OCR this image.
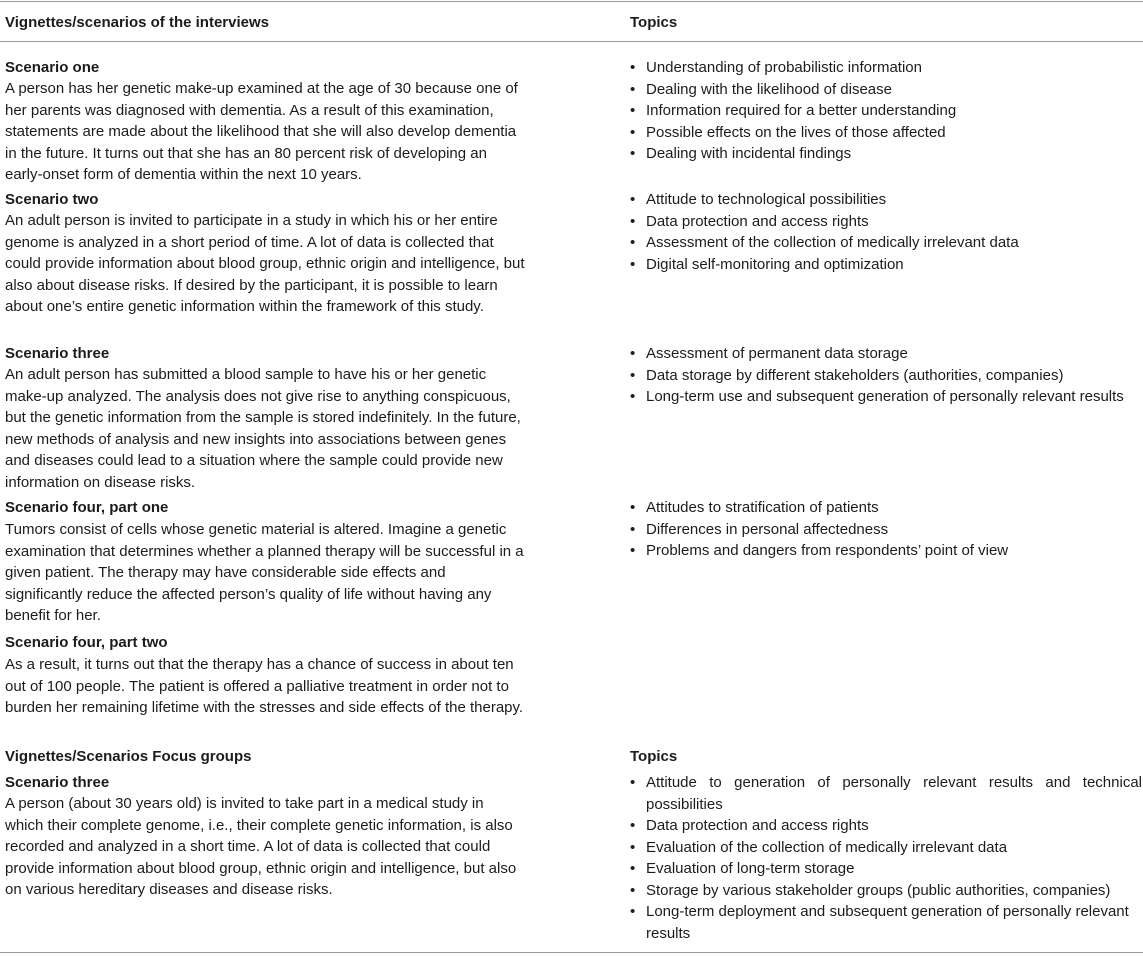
Vignettes/scenarios of the interviews	Topics
Scenario one
A person has her genetic make-up examined at the age of 30 because one of her parents was diagnosed with dementia. As a result of this examination, statements are made about the likelihood that she will also develop dementia in the future. It turns out that she has an 80 percent risk of developing an early-onset form of dementia within the next 10 years.
• Understanding of probabilistic information
• Dealing with the likelihood of disease
• Information required for a better understanding
• Possible effects on the lives of those affected
• Dealing with incidental findings
Scenario two
An adult person is invited to participate in a study in which his or her entire genome is analyzed in a short period of time. A lot of data is collected that could provide information about blood group, ethnic origin and intelligence, but also about disease risks. If desired by the participant, it is possible to learn about one’s entire genetic information within the framework of this study.
• Attitude to technological possibilities
• Data protection and access rights
• Assessment of the collection of medically irrelevant data
• Digital self-monitoring and optimization
Scenario three
An adult person has submitted a blood sample to have his or her genetic make-up analyzed. The analysis does not give rise to anything conspicuous, but the genetic information from the sample is stored indefinitely. In the future, new methods of analysis and new insights into associations between genes and diseases could lead to a situation where the sample could provide new information on disease risks.
• Assessment of permanent data storage
• Data storage by different stakeholders (authorities, companies)
• Long-term use and subsequent generation of personally relevant results
Scenario four, part one
Tumors consist of cells whose genetic material is altered. Imagine a genetic examination that determines whether a planned therapy will be successful in a given patient. The therapy may have considerable side effects and significantly reduce the affected person’s quality of life without having any benefit for her.
• Attitudes to stratification of patients
• Differences in personal affectedness
• Problems and dangers from respondents’ point of view
Scenario four, part two
As a result, it turns out that the therapy has a chance of success in about ten out of 100 people. The patient is offered a palliative treatment in order not to burden her remaining lifetime with the stresses and side effects of the therapy.
Vignettes/Scenarios Focus groups	Topics
Scenario three
A person (about 30 years old) is invited to take part in a medical study in which their complete genome, i.e., their complete genetic information, is also recorded and analyzed in a short time. A lot of data is collected that could provide information about blood group, ethnic origin and intelligence, but also on various hereditary diseases and disease risks.
• Attitude to generation of personally relevant results and technical possibilities
• Data protection and access rights
• Evaluation of the collection of medically irrelevant data
• Evaluation of long-term storage
• Storage by various stakeholder groups (public authorities, companies)
• Long-term deployment and subsequent generation of personally relevant results
